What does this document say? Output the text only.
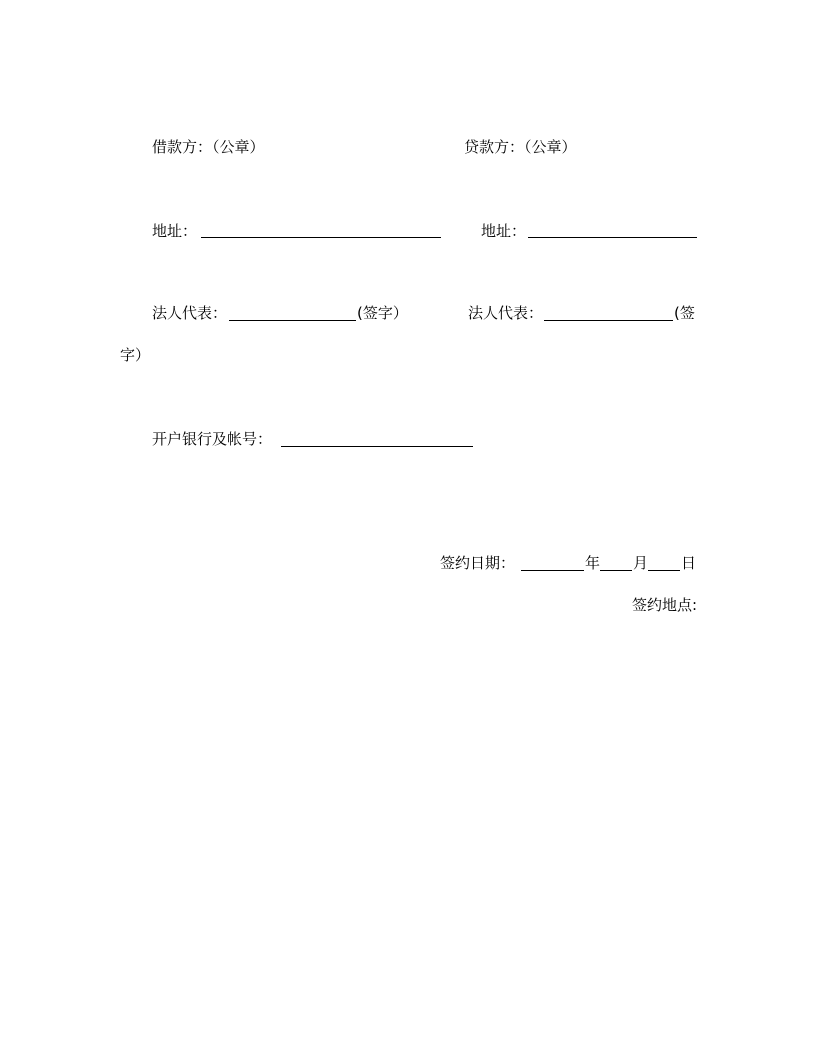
借款方：（公章）	贷款方：（公章）
地址：	地址：
法人代表：	(签字）	法人代表：	(签
字）
开户银行及帐号：
签约日期：	年 月 日
签约地点:
